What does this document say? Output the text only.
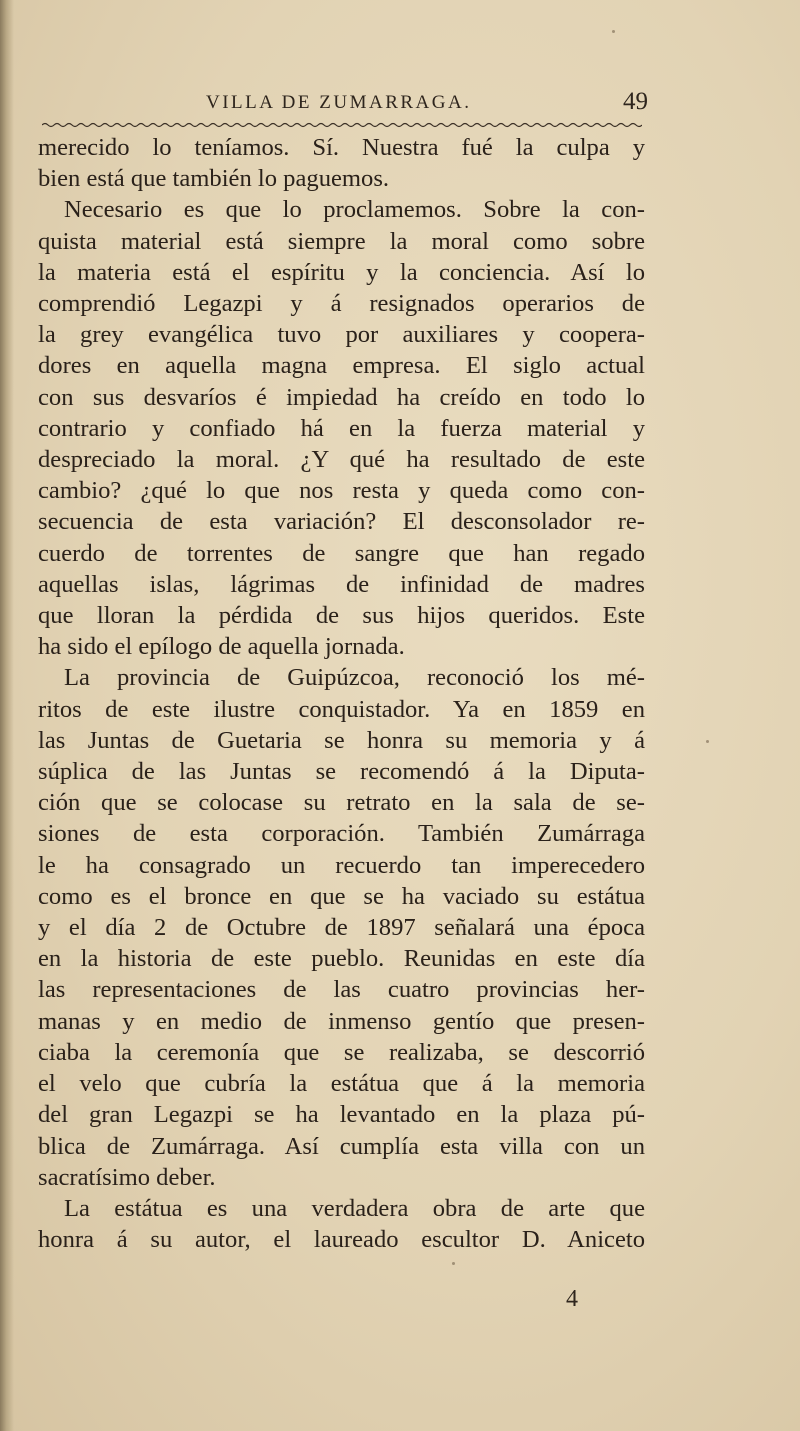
VILLA DE ZUMARRAGA.	49
merecido lo teníamos. Sí. Nuestra fué la culpa y
bien está que también lo paguemos.
Necesario es que lo proclamemos. Sobre la con-
quista material está siempre la moral como sobre
la materia está el espíritu y la conciencia. Así lo
comprendió Legazpi y á resignados operarios de
la grey evangélica tuvo por auxiliares y coopera-
dores en aquella magna empresa. El siglo actual
con sus desvaríos é impiedad ha creído en todo lo
contrario y confiado há en la fuerza material y
despreciado la moral. ¿Y qué ha resultado de este
cambio? ¿qué lo que nos resta y queda como con-
secuencia de esta variación? El desconsolador re-
cuerdo de torrentes de sangre que han regado
aquellas islas, lágrimas de infinidad de madres
que lloran la pérdida de sus hijos queridos. Este
ha sido el epílogo de aquella jornada.
La provincia de Guipúzcoa, reconoció los mé-
ritos de este ilustre conquistador. Ya en 1859 en
las Juntas de Guetaria se honra su memoria y á
súplica de las Juntas se recomendó á la Diputa-
ción que se colocase su retrato en la sala de se-
siones de esta corporación. También Zumárraga
le ha consagrado un recuerdo tan imperecedero
como es el bronce en que se ha vaciado su estátua
y el día 2 de Octubre de 1897 señalará una época
en la historia de este pueblo. Reunidas en este día
las representaciones de las cuatro provincias her-
manas y en medio de inmenso gentío que presen-
ciaba la ceremonía que se realizaba, se descorrió
el velo que cubría la estátua que á la memoria
del gran Legazpi se ha levantado en la plaza pú-
blica de Zumárraga. Así cumplía esta villa con un
sacratísimo deber.
La estátua es una verdadera obra de arte que
honra á su autor, el laureado escultor D. Aniceto
4
